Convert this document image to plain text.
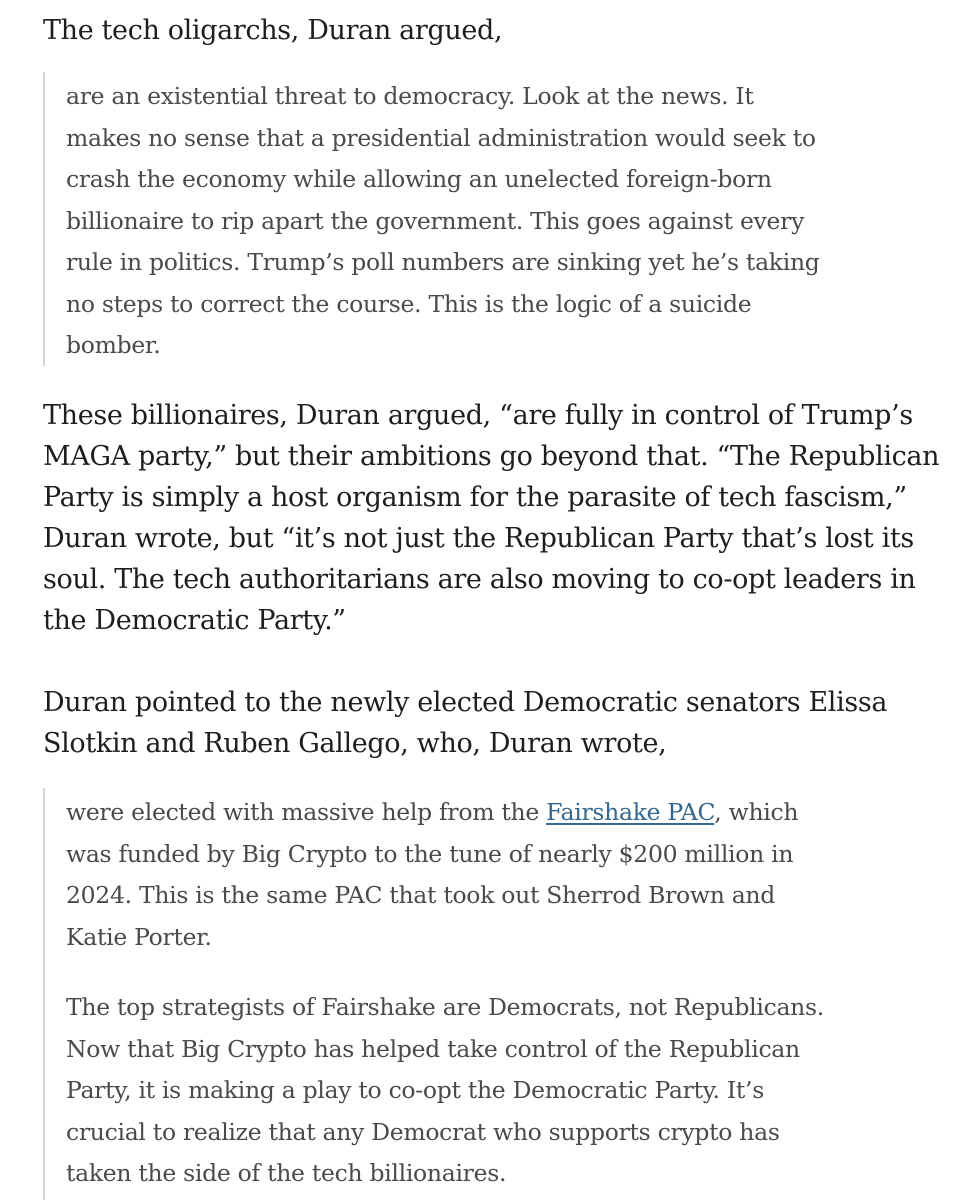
The tech oligarchs, Duran argued,

are an existential threat to democracy. Look at the news. It
makes no sense that a presidential administration would seek to
crash the economy while allowing an unelected foreign-born
billionaire to rip apart the government. This goes against every
rule in politics. Trump’s poll numbers are sinking yet he’s taking
no steps to correct the course. This is the logic of a suicide
bomber.

These billionaires, Duran argued, “are fully in control of Trump’s
MAGA party,” but their ambitions go beyond that. “The Republican
Party is simply a host organism for the parasite of tech fascism,”
Duran wrote, but “it’s not just the Republican Party that’s lost its
soul. The tech authoritarians are also moving to co-opt leaders in
the Democratic Party.”

Duran pointed to the newly elected Democratic senators Elissa
Slotkin and Ruben Gallego, who, Duran wrote,

were elected with massive help from the Fairshake PAC, which
was funded by Big Crypto to the tune of nearly $200 million in
2024. This is the same PAC that took out Sherrod Brown and
Katie Porter.

The top strategists of Fairshake are Democrats, not Republicans.
Now that Big Crypto has helped take control of the Republican
Party, it is making a play to co-opt the Democratic Party. It’s
crucial to realize that any Democrat who supports crypto has
taken the side of the tech billionaires.
